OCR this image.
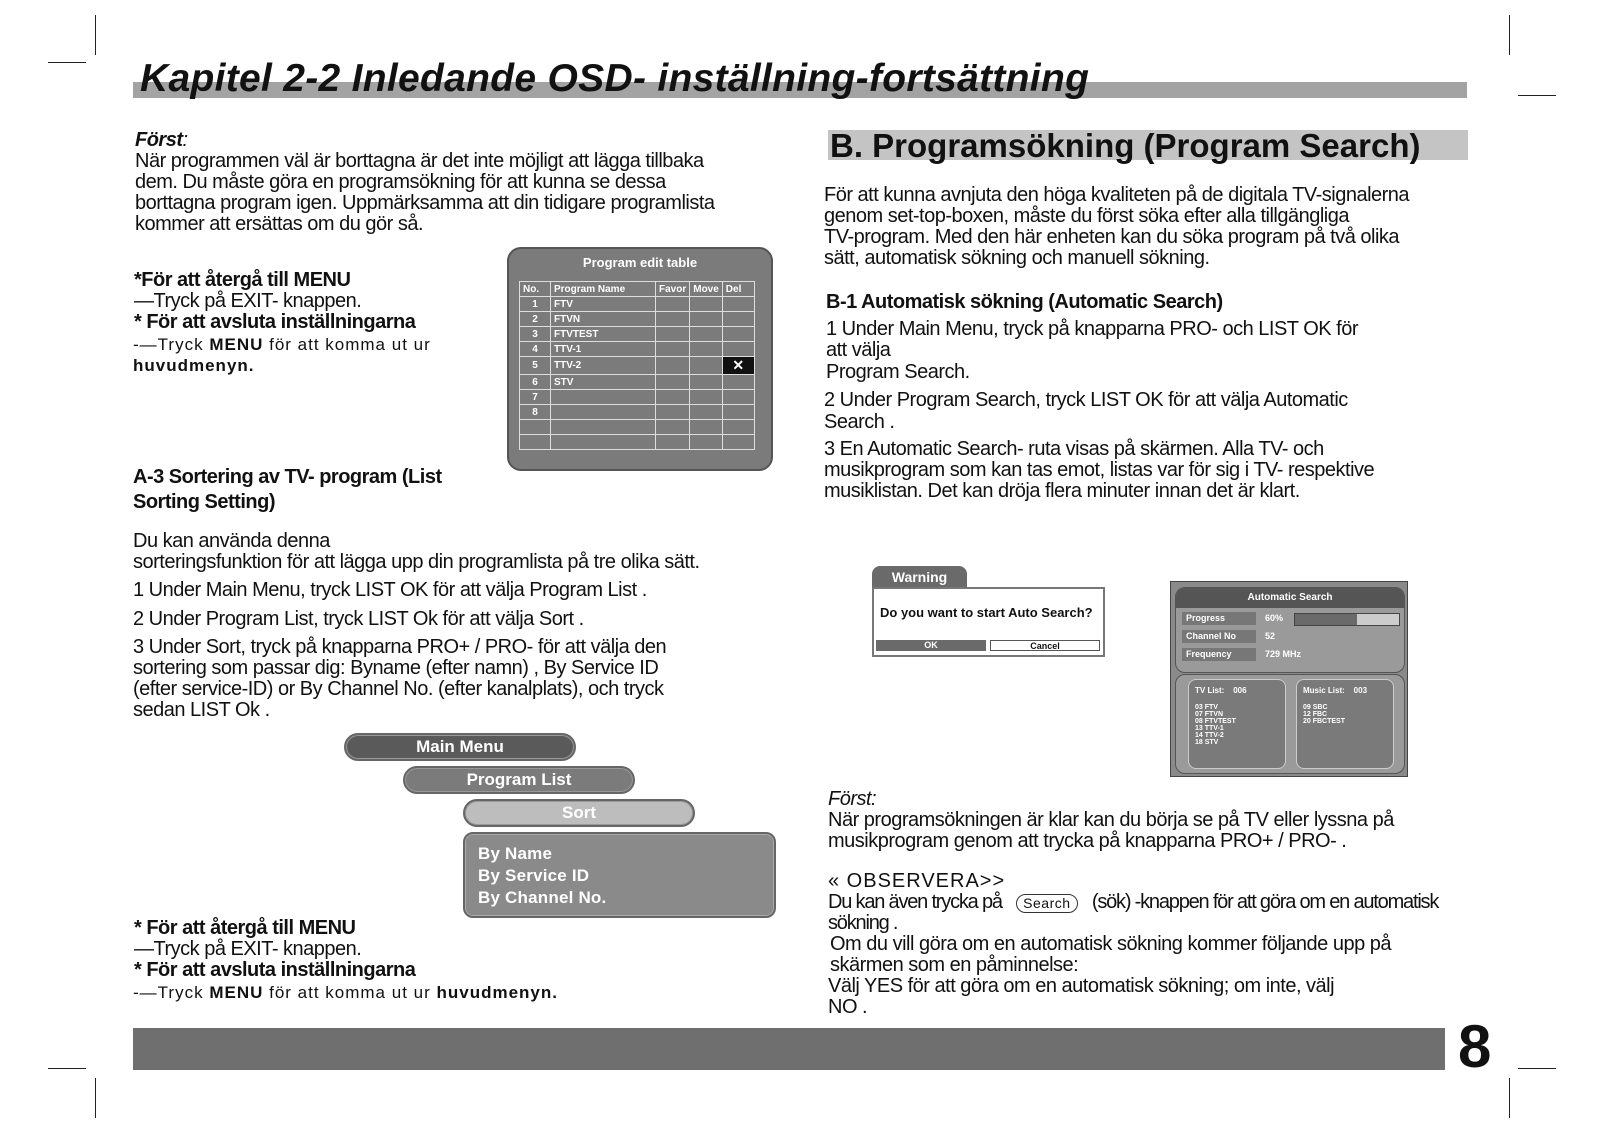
Kapitel 2-2 Inledande OSD- inställning-fortsättning
Först:
När programmen väl är borttagna är det inte möjligt att lägga tillbaka
dem. Du måste göra en programsökning för att kunna se dessa
borttagna program igen. Uppmärksamma att din tidigare programlista
kommer att ersättas om du gör så.
*För att återgå till MENU
—Tryck på EXIT- knappen.
* För att avsluta inställningarna
-—Tryck MENU för att komma ut ur
huvudmenyn.
Program edit table
No.	Program Name	Favor	Move	Del
1	FTV			
2	FTVN			
3	FTVTEST			
4	TTV-1			
5	TTV-2			✕
6	STV			
7				
8				

A-3 Sortering av TV- program (List
Sorting Setting)
Du kan använda denna
sorteringsfunktion för att lägga upp din programlista på tre olika sätt.
1 Under Main Menu, tryck LIST OK för att välja Program List .
2 Under Program List, tryck LIST Ok för att välja Sort .
3 Under Sort, tryck på knapparna PRO+ / PRO- för att välja den
sortering som passar dig: Byname (efter namn) , By Service ID
(efter service-ID) or By Channel No. (efter kanalplats), och tryck
sedan LIST Ok .
Main Menu
Program List
Sort
By Name
By Service ID
By Channel No.
* För att återgå till MENU
—Tryck på EXIT- knappen.
* För att avsluta inställningarna
-—Tryck MENU för att komma ut ur huvudmenyn.
B. Programsökning (Program Search)
För att kunna avnjuta den höga kvaliteten på de digitala TV-signalerna
genom set-top-boxen, måste du först söka efter alla tillgängliga
TV-program. Med den här enheten kan du söka program på två olika
sätt, automatisk sökning och manuell sökning.
B-1 Automatisk sökning (Automatic Search)
1 Under Main Menu, tryck på knapparna PRO- och LIST OK för
att välja
Program Search.
2 Under Program Search, tryck LIST OK för att välja Automatic
Search .
3 En Automatic Search- ruta visas på skärmen. Alla TV- och
musikprogram som kan tas emot, listas var för sig i TV- respektive
musiklistan. Det kan dröja flera minuter innan det är klart.
Warning
Do you want to start Auto Search?
OK	Cancel
Automatic Search
Progress	60%
Channel No	52
Frequency	729 MHz
TV List: 006
03 FTV
07 FTVN
08 FTVTEST
13 TTV-1
14 TTV-2
18 STV
Music List: 003
09 SBC
12 FBC
20 FBCTEST
Först:
När programsökningen är klar kan du börja se på TV eller lyssna på
musikprogram genom att trycka på knapparna PRO+ / PRO- .
« OBSERVERA>>
Du kan även trycka på Search (sök) -knappen för att göra om en automatisk
sökning .
Om du vill göra om en automatisk sökning kommer följande upp på
skärmen som en påminnelse:
Välj YES för att göra om en automatisk sökning; om inte, välj
NO .
8
